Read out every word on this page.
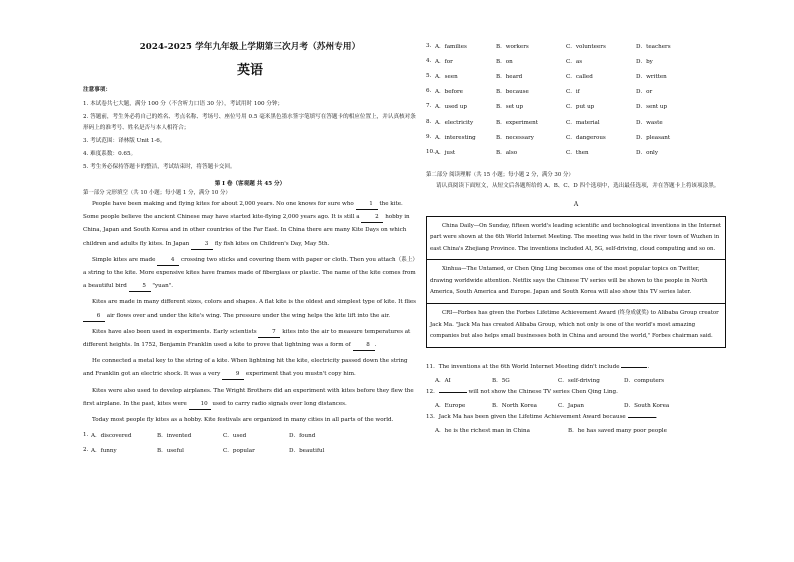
2024-2025 学年九年级上学期第三次月考（苏州专用）
英语
注意事项：
1. 本试卷共七大题，满分 100 分（不含听力口语 30 分），考试用时 100 分钟；
2. 答题前，考生务必将自己的姓名、考点名称、考场号、座位号用 0.5 毫米黑色墨水签字笔填写在答题卡的相应位置上，并认真核对条形码上的准考号、姓名是否与本人相符合；
3. 考试范围：译林版 Unit 1-6。
4. 难度系数：0.65。
5. 考生务必保持答题卡的整洁，考试结束时，将答题卡交回。
第 I 卷（客观题 共 45 分）
第一部分 完形填空（共 10 小题；每小题 1 分，满分 10 分）

People have been making and flying kites for about 2,000 years. No one knows for sure who 1 the kite. Some people believe the ancient Chinese may have started kite-flying 2,000 years ago. It is still a 2 hobby in China, Japan and South Korea and in other countries of the Far East. In China there are many Kite Days on which children and adults fly kites. In Japan 3 fly fish kites on Children's Day, May 5th.

Simple kites are made 4 crossing two sticks and covering them with paper or cloth. Then you attach（系上）a string to the kite. More expensive kites have frames made of fiberglass or plastic. The name of the kite comes from a beautiful bird 5 "yuan".

Kites are made in many different sizes, colors and shapes. A flat kite is the oldest and simplest type of kite. It flies 6 air flows over and under the kite's wing. The pressure under the wing helps the kite lift into the air.

Kites have also been used in experiments. Early scientists 7 kites into the air to measure temperatures at different heights. In 1752, Benjamin Franklin used a kite to prove that lightning was a form of 8 .

He connected a metal key to the string of a kite. When lightning hit the kite, electricity passed down the string and Franklin got an electric shock. It was a very 9 experiment that you mustn't copy him.

Kites were also used to develop airplanes. The Wright Brothers did an experiment with kites before they flew the first airplane. In the past, kites were 10 used to carry radio signals over long distances.

Today most people fly kites as a hobby. Kite festivals are organized in many cities in all parts of the world.

1. A．discovered	B．invented	C．used	D．found
2. A．funny	B．useful	C．popular	D．beautiful
3. A．families	B．workers	C．volunteers	D．teachers
4. A．for	B．on	C．as	D．by
5. A．seen	B．heard	C．called	D．written
6. A．before	B．because	C．if	D．or
7. A．used up	B．set up	C．put up	D．sent up
8. A．electricity	B．experiment	C．material	D．waste
9. A．interesting	B．necessary	C．dangerous	D．pleasant
10. A．just	B．also	C．then	D．only
第二部分 阅读理解（共 15 小题；每小题 2 分，满分 30 分）

请认真阅读下面短文，从短文后各题所给的 A、B、C、D 四个选项中，选出最佳选项，并在答题卡上将该项涂黑。

A
China Daily—On Sunday, fifteen world's leading scientific and technological inventions in the Internet part were shown at the 6th World Internet Meeting. The meeting was held in the river town of Wuzhen in east China's Zhejiang Province. The inventions included AI, 5G, self-driving, cloud computing and so on.
Xinhua—The Untamed, or Chen Qing Ling becomes one of the most popular topics on Twitter, drawing worldwide attention. Netflix says the Chinese TV series will be shown to the people in North America, South America and Europe. Japan and South Korea will also show this TV series later.
CRI—Forbes has given the Forbes Lifetime Achievement Award (终身成就奖) to Alibaba Group creator Jack Ma. "Jack Ma has created Alibaba Group, which not only is one of the world's most amazing companies but also helps small businesses both in China and around the world," Forbes chairman said.

11．The inventions at the 6th World Internet Meeting didn't include	.

A．AI	B．5G	C．self-driving	D．computers

12．	will not show the Chinese TV series Chen Qing Ling.

A．Europe	B．North Korea	C．Japan	D．South Korea

13．Jack Ma has been given the Lifetime Achievement Award because	.

A．he is the richest man in China	B．he has saved many poor people
